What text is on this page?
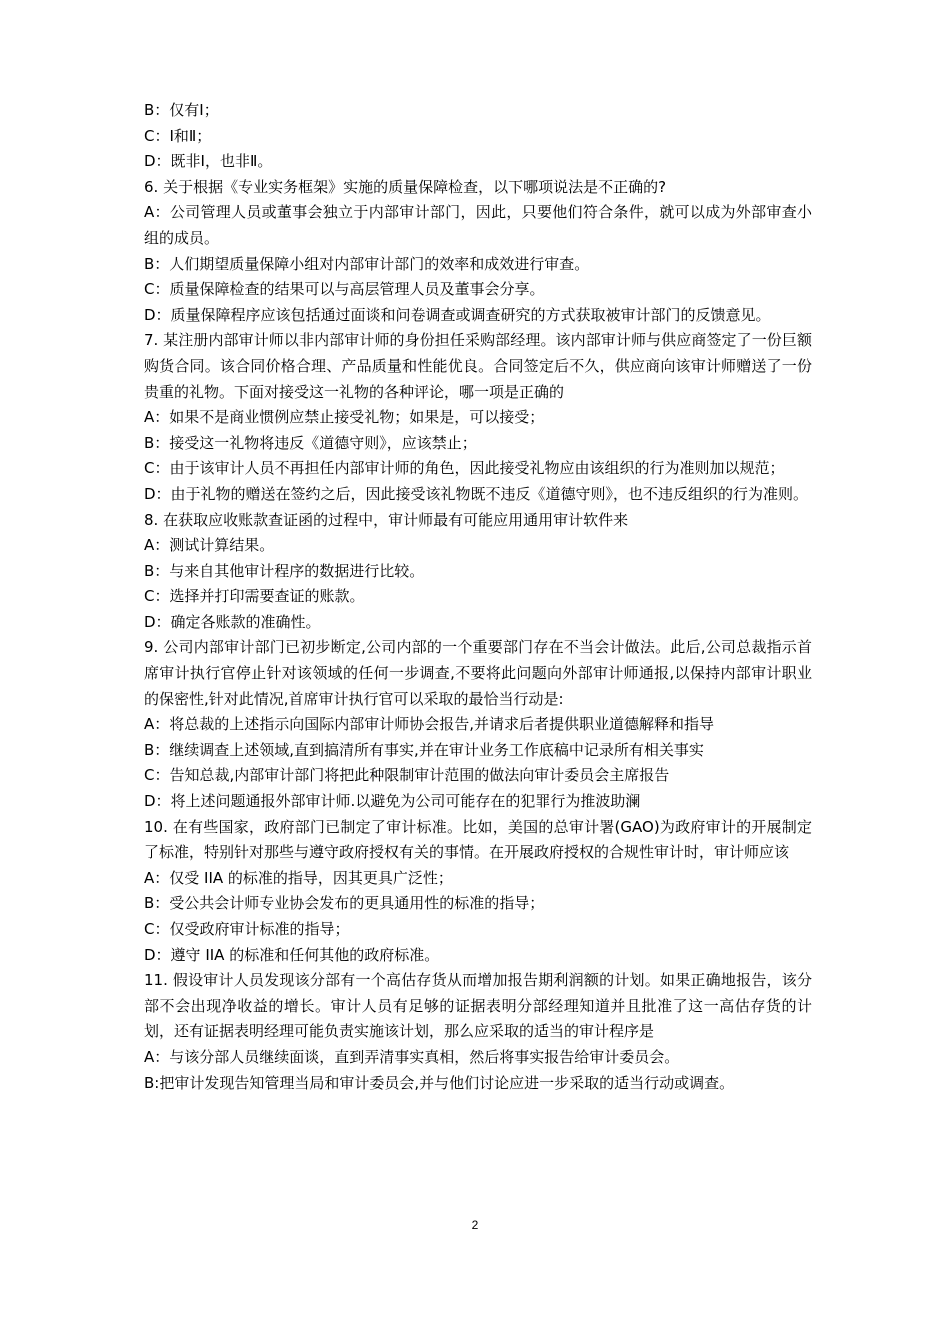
B：仅有Ⅰ；
C：Ⅰ和Ⅱ；
D：既非Ⅰ，也非Ⅱ。
6. 关于根据《专业实务框架》实施的质量保障检查，以下哪项说法是不正确的?
A：公司管理人员或董事会独立于内部审计部门，因此，只要他们符合条件，就可以成为外部审查小组的成员。
B：人们期望质量保障小组对内部审计部门的效率和成效进行审查。
C：质量保障检查的结果可以与高层管理人员及董事会分享。
D：质量保障程序应该包括通过面谈和问卷调查或调查研究的方式获取被审计部门的反馈意见。
7. 某注册内部审计师以非内部审计师的身份担任采购部经理。该内部审计师与供应商签定了一份巨额购货合同。该合同价格合理、产品质量和性能优良。合同签定后不久，供应商向该审计师赠送了一份贵重的礼物。下面对接受这一礼物的各种评论，哪一项是正确的
A：如果不是商业惯例应禁止接受礼物；如果是，可以接受；
B：接受这一礼物将违反《道德守则》，应该禁止；
C：由于该审计人员不再担任内部审计师的角色，因此接受礼物应由该组织的行为准则加以规范；
D：由于礼物的赠送在签约之后，因此接受该礼物既不违反《道德守则》，也不违反组织的行为准则。
8. 在获取应收账款查证函的过程中，审计师最有可能应用通用审计软件来
A：测试计算结果。
B：与来自其他审计程序的数据进行比较。
C：选择并打印需要查证的账款。
D：确定各账款的准确性。
9. 公司内部审计部门已初步断定,公司内部的一个重要部门存在不当会计做法。此后,公司总裁指示首席审计执行官停止针对该领域的任何一步调查,不要将此问题向外部审计师通报,以保持内部审计职业的保密性,针对此情况,首席审计执行官可以采取的最恰当行动是:
A：将总裁的上述指示向国际内部审计师协会报告,并请求后者提供职业道德解释和指导
B：继续调查上述领域,直到搞清所有事实,并在审计业务工作底稿中记录所有相关事实
C：告知总裁,内部审计部门将把此种限制审计范围的做法向审计委员会主席报告
D：将上述问题通报外部审计师.以避免为公司可能存在的犯罪行为推波助澜
10. 在有些国家，政府部门已制定了审计标准。比如，美国的总审计署(GAO)为政府审计的开展制定了标准，特别针对那些与遵守政府授权有关的事情。在开展政府授权的合规性审计时，审计师应该
A：仅受 IIA 的标准的指导，因其更具广泛性；
B：受公共会计师专业协会发布的更具通用性的标准的指导；
C：仅受政府审计标准的指导；
D：遵守 IIA 的标准和任何其他的政府标准。
11. 假设审计人员发现该分部有一个高估存货从而增加报告期利润额的计划。如果正确地报告，该分部不会出现净收益的增长。审计人员有足够的证据表明分部经理知道并且批准了这一高估存货的计划，还有证据表明经理可能负责实施该计划，那么应采取的适当的审计程序是
A：与该分部人员继续面谈，直到弄清事实真相，然后将事实报告给审计委员会。
B:把审计发现告知管理当局和审计委员会,并与他们讨论应进一步采取的适当行动或调查。
2
